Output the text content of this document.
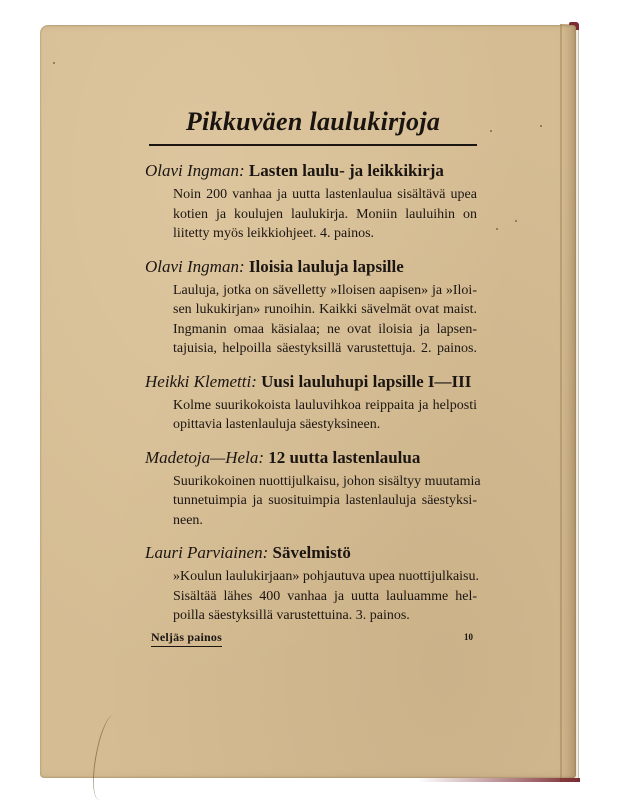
Pikkuväen laulukirjoja
Olavi Ingman: Lasten laulu- ja leikkikirja
Noin 200 vanhaa ja uutta lastenlaulua sisältävä upea
kotien ja koulujen laulukirja. Moniin lauluihin on
liitetty myös leikkiohjeet. 4. painos.
Olavi Ingman: Iloisia lauluja lapsille
Lauluja, jotka on sävelletty »Iloisen aapisen» ja »Iloi-
sen lukukirjan» runoihin. Kaikki sävelmät ovat maist.
Ingmanin omaa käsialaa; ne ovat iloisia ja lapsen-
tajuisia, helpoilla säestyksillä varustettuja. 2. painos.
Heikki Klemetti: Uusi lauluhupi lapsille I—III
Kolme suurikokoista lauluvihkoa reippaita ja helposti
opittavia lastenlauluja säestyksineen.
Madetoja—Hela: 12 uutta lastenlaulua
Suurikokoinen nuottijulkaisu, johon sisältyy muutamia
tunnetuimpia ja suosituimpia lastenlauluja säestyksi-
neen.
Lauri Parviainen: Sävelmistö
»Koulun laulukirjaan» pohjautuva upea nuottijulkaisu.
Sisältää lähes 400 vanhaa ja uutta lauluamme hel-
poilla säestyksillä varustettuina. 3. painos.
Neljäs painos	10
